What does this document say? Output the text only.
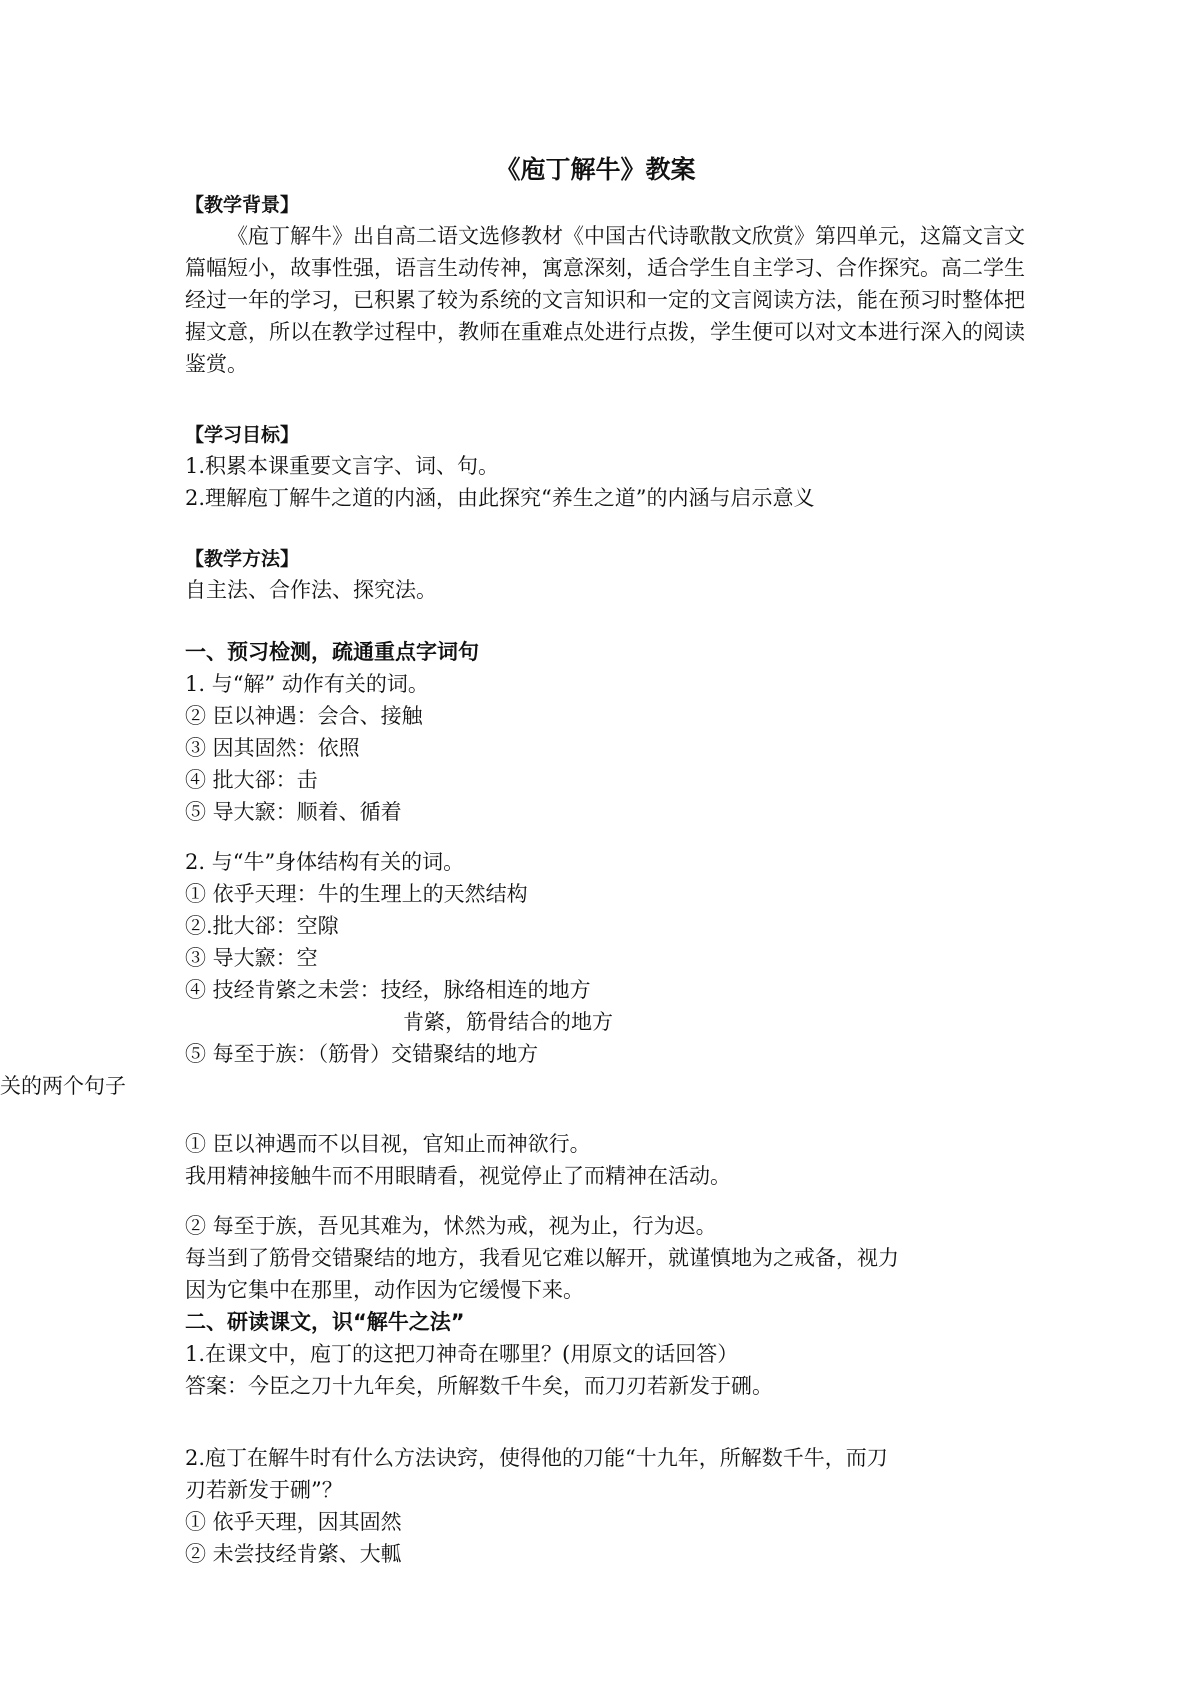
《庖丁解牛》教案
关的两个句子
【教学背景】

《庖丁解牛》出自高二语文选修教材《中国古代诗歌散文欣赏》第四单元，这篇文言文篇幅短小，故事性强，语言生动传神，寓意深刻，适合学生自主学习、合作探究。高二学生经过一年的学习，已积累了较为系统的文言知识和一定的文言阅读方法，能在预习时整体把握文意，所以在教学过程中，教师在重难点处进行点拨，学生便可以对文本进行深入的阅读鉴赏。

【学习目标】
1.积累本课重要文言字、词、句。
2.理解庖丁解牛之道的内涵，由此探究“养生之道”的内涵与启示意义
【教学方法】
自主法、合作法、探究法。
一、预习检测，疏通重点字词句
1. 与“解” 动作有关的词。
② 臣以神遇：会合、接触
③ 因其固然：依照
④ 批大郤：击
⑤ 导大窾：顺着、循着
2. 与“牛”身体结构有关的词。
① 依乎天理：牛的生理上的天然结构
②.批大郤：空隙
③ 导大窾：空
④ 技经肯綮之未尝：技经，脉络相连的地方
肯綮，筋骨结合的地方
⑤ 每至于族：（筋骨）交错聚结的地方
① 臣以神遇而不以目视，官知止而神欲行。
我用精神接触牛而不用眼睛看，视觉停止了而精神在活动。
② 每至于族，吾见其难为，怵然为戒，视为止，行为迟。
每当到了筋骨交错聚结的地方，我看见它难以解开，就谨慎地为之戒备，视力
因为它集中在那里，动作因为它缓慢下来。
二、研读课文，识“解牛之法”
1.在课文中，庖丁的这把刀神奇在哪里？(用原文的话回答）
答案：今臣之刀十九年矣，所解数千牛矣，而刀刃若新发于硎。
2.庖丁在解牛时有什么方法诀窍，使得他的刀能“十九年，所解数千牛，而刀
刃若新发于硎”？
① 依乎天理，因其固然
② 未尝技经肯綮、大軱
